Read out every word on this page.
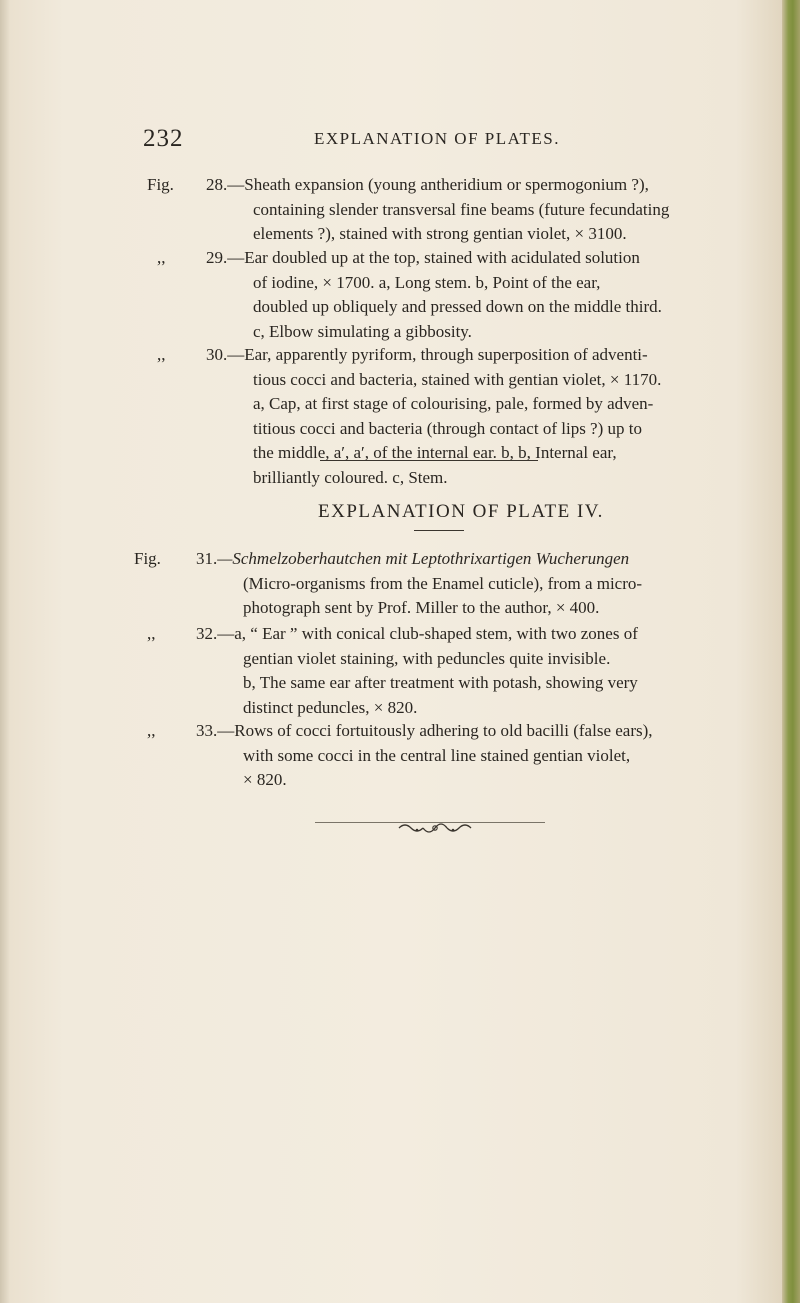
232	EXPLANATION OF PLATES.
Fig. 28.—Sheath expansion (young antheridium or spermogonium ?),
containing slender transversal fine beams (future fecundating
elements ?), stained with strong gentian violet, × 3100.
,, 29.—Ear doubled up at the top, stained with acidulated solution
of iodine, × 1700. a, Long stem. b, Point of the ear,
doubled up obliquely and pressed down on the middle third.
c, Elbow simulating a gibbosity.
,, 30.—Ear, apparently pyriform, through superposition of adventi-
tious cocci and bacteria, stained with gentian violet, × 1170.
a, Cap, at first stage of colourising, pale, formed by adven-
titious cocci and bacteria (through contact of lips ?) up to
the middle, a′, a′, of the internal ear. b, b, Internal ear,
brilliantly coloured. c, Stem.
EXPLANATION OF PLATE IV.
Fig. 31.—Schmelzoberhautchen mit Leptothrixartigen Wucherungen
(Micro-organisms from the Enamel cuticle), from a micro-
photograph sent by Prof. Miller to the author, × 400.
,, 32.—a, “ Ear ” with conical club-shaped stem, with two zones of
gentian violet staining, with peduncles quite invisible.
b, The same ear after treatment with potash, showing very
distinct peduncles, × 820.
,, 33.—Rows of cocci fortuitously adhering to old bacilli (false ears),
with some cocci in the central line stained gentian violet,
× 820.
